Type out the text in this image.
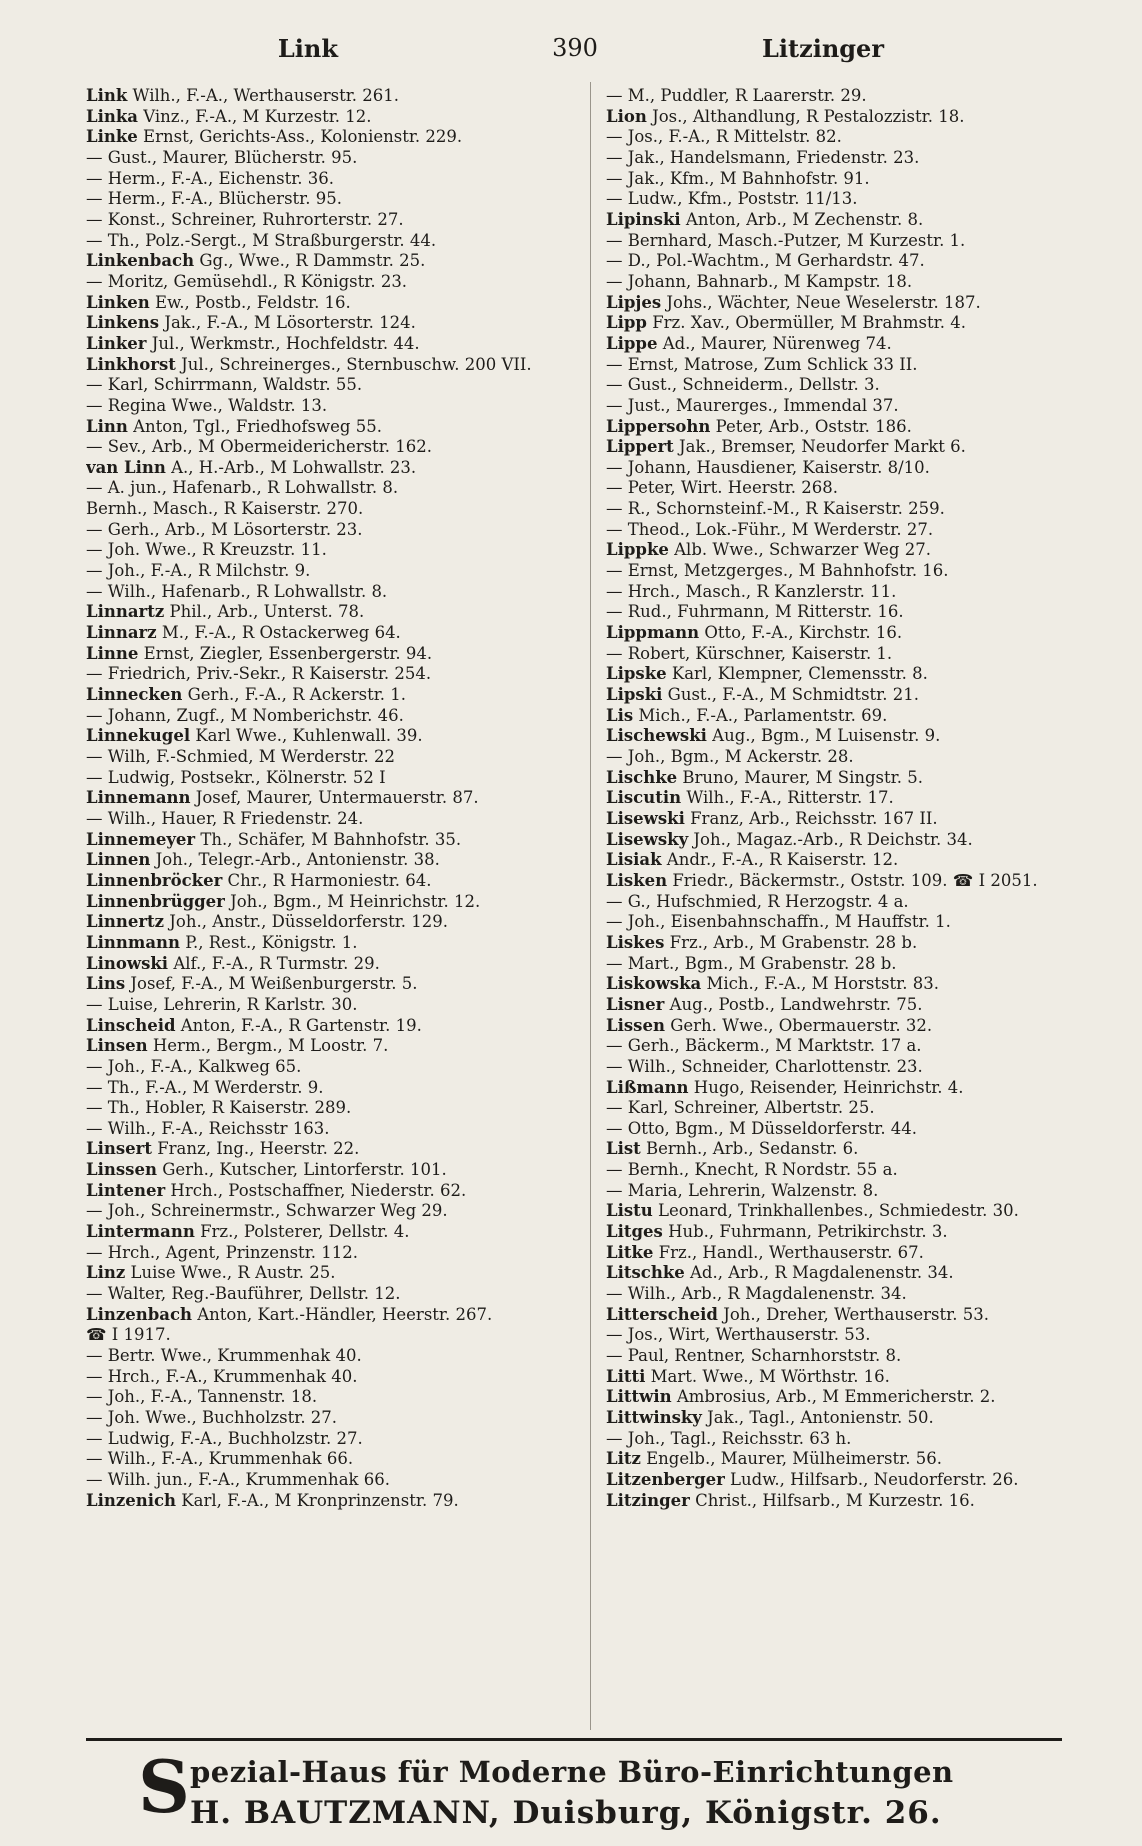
Link	390	Litzinger
Link Wilh., F.-A., Werthauserstr. 261.
Linka Vinz., F.-A., M Kurzestr. 12.
Linke Ernst, Gerichts-Ass., Kolonienstr. 229.
— Gust., Maurer, Blücherstr. 95.
— Herm., F.-A., Eichenstr. 36.
— Herm., F.-A., Blücherstr. 95.
— Konst., Schreiner, Ruhrorterstr. 27.
— Th., Polz.-Sergt., M Straßburgerstr. 44.
Linkenbach Gg., Wwe., R Dammstr. 25.
— Moritz, Gemüsehdl., R Königstr. 23.
Linken Ew., Postb., Feldstr. 16.
Linkens Jak., F.-A., M Lösorterstr. 124.
Linker Jul., Werkmstr., Hochfeldstr. 44.
Linkhorst Jul., Schreinerges., Sternbuschw. 200 VII.
— Karl, Schirrmann, Waldstr. 55.
— Regina Wwe., Waldstr. 13.
Linn Anton, Tgl., Friedhofsweg 55.
— Sev., Arb., M Obermeidericherstr. 162.
van Linn A., H.-Arb., M Lohwallstr. 23.
— A. jun., Hafenarb., R Lohwallstr. 8.
Bernh., Masch., R Kaiserstr. 270.
— Gerh., Arb., M Lösorterstr. 23.
— Joh. Wwe., R Kreuzstr. 11.
— Joh., F.-A., R Milchstr. 9.
— Wilh., Hafenarb., R Lohwallstr. 8.
Linnartz Phil., Arb., Unterst. 78.
Linnarz M., F.-A., R Ostackerweg 64.
Linne Ernst, Ziegler, Essenbergerstr. 94.
— Friedrich, Priv.-Sekr., R Kaiserstr. 254.
Linnecken Gerh., F.-A., R Ackerstr. 1.
— Johann, Zugf., M Nomberichstr. 46.
Linnekugel Karl Wwe., Kuhlenwall. 39.
— Wilh, F.-Schmied, M Werderstr. 22
— Ludwig, Postsekr., Kölnerstr. 52 I
Linnemann Josef, Maurer, Untermauerstr. 87.
— Wilh., Hauer, R Friedenstr. 24.
Linnemeyer Th., Schäfer, M Bahnhofstr. 35.
Linnen Joh., Telegr.-Arb., Antonienstr. 38.
Linnenbröcker Chr., R Harmoniestr. 64.
Linnenbrügger Joh., Bgm., M Heinrichstr. 12.
Linnertz Joh., Anstr., Düsseldorferstr. 129.
Linnmann P., Rest., Königstr. 1.
Linowski Alf., F.-A., R Turmstr. 29.
Lins Josef, F.-A., M Weißenburgerstr. 5.
— Luise, Lehrerin, R Karlstr. 30.
Linscheid Anton, F.-A., R Gartenstr. 19.
Linsen Herm., Bergm., M Loostr. 7.
— Joh., F.-A., Kalkweg 65.
— Th., F.-A., M Werderstr. 9.
— Th., Hobler, R Kaiserstr. 289.
— Wilh., F.-A., Reichsstr 163.
Linsert Franz, Ing., Heerstr. 22.
Linssen Gerh., Kutscher, Lintorferstr. 101.
Lintener Hrch., Postschaffner, Niederstr. 62.
— Joh., Schreinermstr., Schwarzer Weg 29.
Lintermann Frz., Polsterer, Dellstr. 4.
— Hrch., Agent, Prinzenstr. 112.
Linz Luise Wwe., R Austr. 25.
— Walter, Reg.-Bauführer, Dellstr. 12.
Linzenbach Anton, Kart.-Händler, Heerstr. 267.
☎ I 1917.
— Bertr. Wwe., Krummenhak 40.
— Hrch., F.-A., Krummenhak 40.
— Joh., F.-A., Tannenstr. 18.
— Joh. Wwe., Buchholzstr. 27.
— Ludwig, F.-A., Buchholzstr. 27.
— Wilh., F.-A., Krummenhak 66.
— Wilh. jun., F.-A., Krummenhak 66.
Linzenich Karl, F.-A., M Kronprinzenstr. 79.
— M., Puddler, R Laarerstr. 29.
Lion Jos., Althandlung, R Pestalozzistr. 18.
— Jos., F.-A., R Mittelstr. 82.
— Jak., Handelsmann, Friedenstr. 23.
— Jak., Kfm., M Bahnhofstr. 91.
— Ludw., Kfm., Poststr. 11/13.
Lipinski Anton, Arb., M Zechenstr. 8.
— Bernhard, Masch.-Putzer, M Kurzestr. 1.
— D., Pol.-Wachtm., M Gerhardstr. 47.
— Johann, Bahnarb., M Kampstr. 18.
Lipjes Johs., Wächter, Neue Weselerstr. 187.
Lipp Frz. Xav., Obermüller, M Brahmstr. 4.
Lippe Ad., Maurer, Nürenweg 74.
— Ernst, Matrose, Zum Schlick 33 II.
— Gust., Schneiderm., Dellstr. 3.
— Just., Maurerges., Immendal 37.
Lippersohn Peter, Arb., Oststr. 186.
Lippert Jak., Bremser, Neudorfer Markt 6.
— Johann, Hausdiener, Kaiserstr. 8/10.
— Peter, Wirt. Heerstr. 268.
— R., Schornsteinf.-M., R Kaiserstr. 259.
— Theod., Lok.-Führ., M Werderstr. 27.
Lippke Alb. Wwe., Schwarzer Weg 27.
— Ernst, Metzgerges., M Bahnhofstr. 16.
— Hrch., Masch., R Kanzlerstr. 11.
— Rud., Fuhrmann, M Ritterstr. 16.
Lippmann Otto, F.-A., Kirchstr. 16.
— Robert, Kürschner, Kaiserstr. 1.
Lipske Karl, Klempner, Clemensstr. 8.
Lipski Gust., F.-A., M Schmidtstr. 21.
Lis Mich., F.-A., Parlamentstr. 69.
Lischewski Aug., Bgm., M Luisenstr. 9.
— Joh., Bgm., M Ackerstr. 28.
Lischke Bruno, Maurer, M Singstr. 5.
Liscutin Wilh., F.-A., Ritterstr. 17.
Lisewski Franz, Arb., Reichsstr. 167 II.
Lisewsky Joh., Magaz.-Arb., R Deichstr. 34.
Lisiak Andr., F.-A., R Kaiserstr. 12.
Lisken Friedr., Bäckermstr., Oststr. 109. ☎ I 2051.
— G., Hufschmied, R Herzogstr. 4 a.
— Joh., Eisenbahnschaffn., M Hauffstr. 1.
Liskes Frz., Arb., M Grabenstr. 28 b.
— Mart., Bgm., M Grabenstr. 28 b.
Liskowska Mich., F.-A., M Horststr. 83.
Lisner Aug., Postb., Landwehrstr. 75.
Lissen Gerh. Wwe., Obermauerstr. 32.
— Gerh., Bäckerm., M Marktstr. 17 a.
— Wilh., Schneider, Charlottenstr. 23.
Lißmann Hugo, Reisender, Heinrichstr. 4.
— Karl, Schreiner, Albertstr. 25.
— Otto, Bgm., M Düsseldorferstr. 44.
List Bernh., Arb., Sedanstr. 6.
— Bernh., Knecht, R Nordstr. 55 a.
— Maria, Lehrerin, Walzenstr. 8.
Listu Leonard, Trinkhallenbes., Schmiedestr. 30.
Litges Hub., Fuhrmann, Petrikirchstr. 3.
Litke Frz., Handl., Werthauserstr. 67.
Litschke Ad., Arb., R Magdalenenstr. 34.
— Wilh., Arb., R Magdalenenstr. 34.
Litterscheid Joh., Dreher, Werthauserstr. 53.
— Jos., Wirt, Werthauserstr. 53.
— Paul, Rentner, Scharnhorststr. 8.
Litti Mart. Wwe., M Wörthstr. 16.
Littwin Ambrosius, Arb., M Emmericherstr. 2.
Littwinsky Jak., Tagl., Antonienstr. 50.
— Joh., Tagl., Reichsstr. 63 h.
Litz Engelb., Maurer, Mülheimerstr. 56.
Litzenberger Ludw., Hilfsarb., Neudorferstr. 26.
Litzinger Christ., Hilfsarb., M Kurzestr. 16.
S pezial-Haus für Moderne Büro-Einrichtungen
H. BAUTZMANN, Duisburg, Königstr. 26.
